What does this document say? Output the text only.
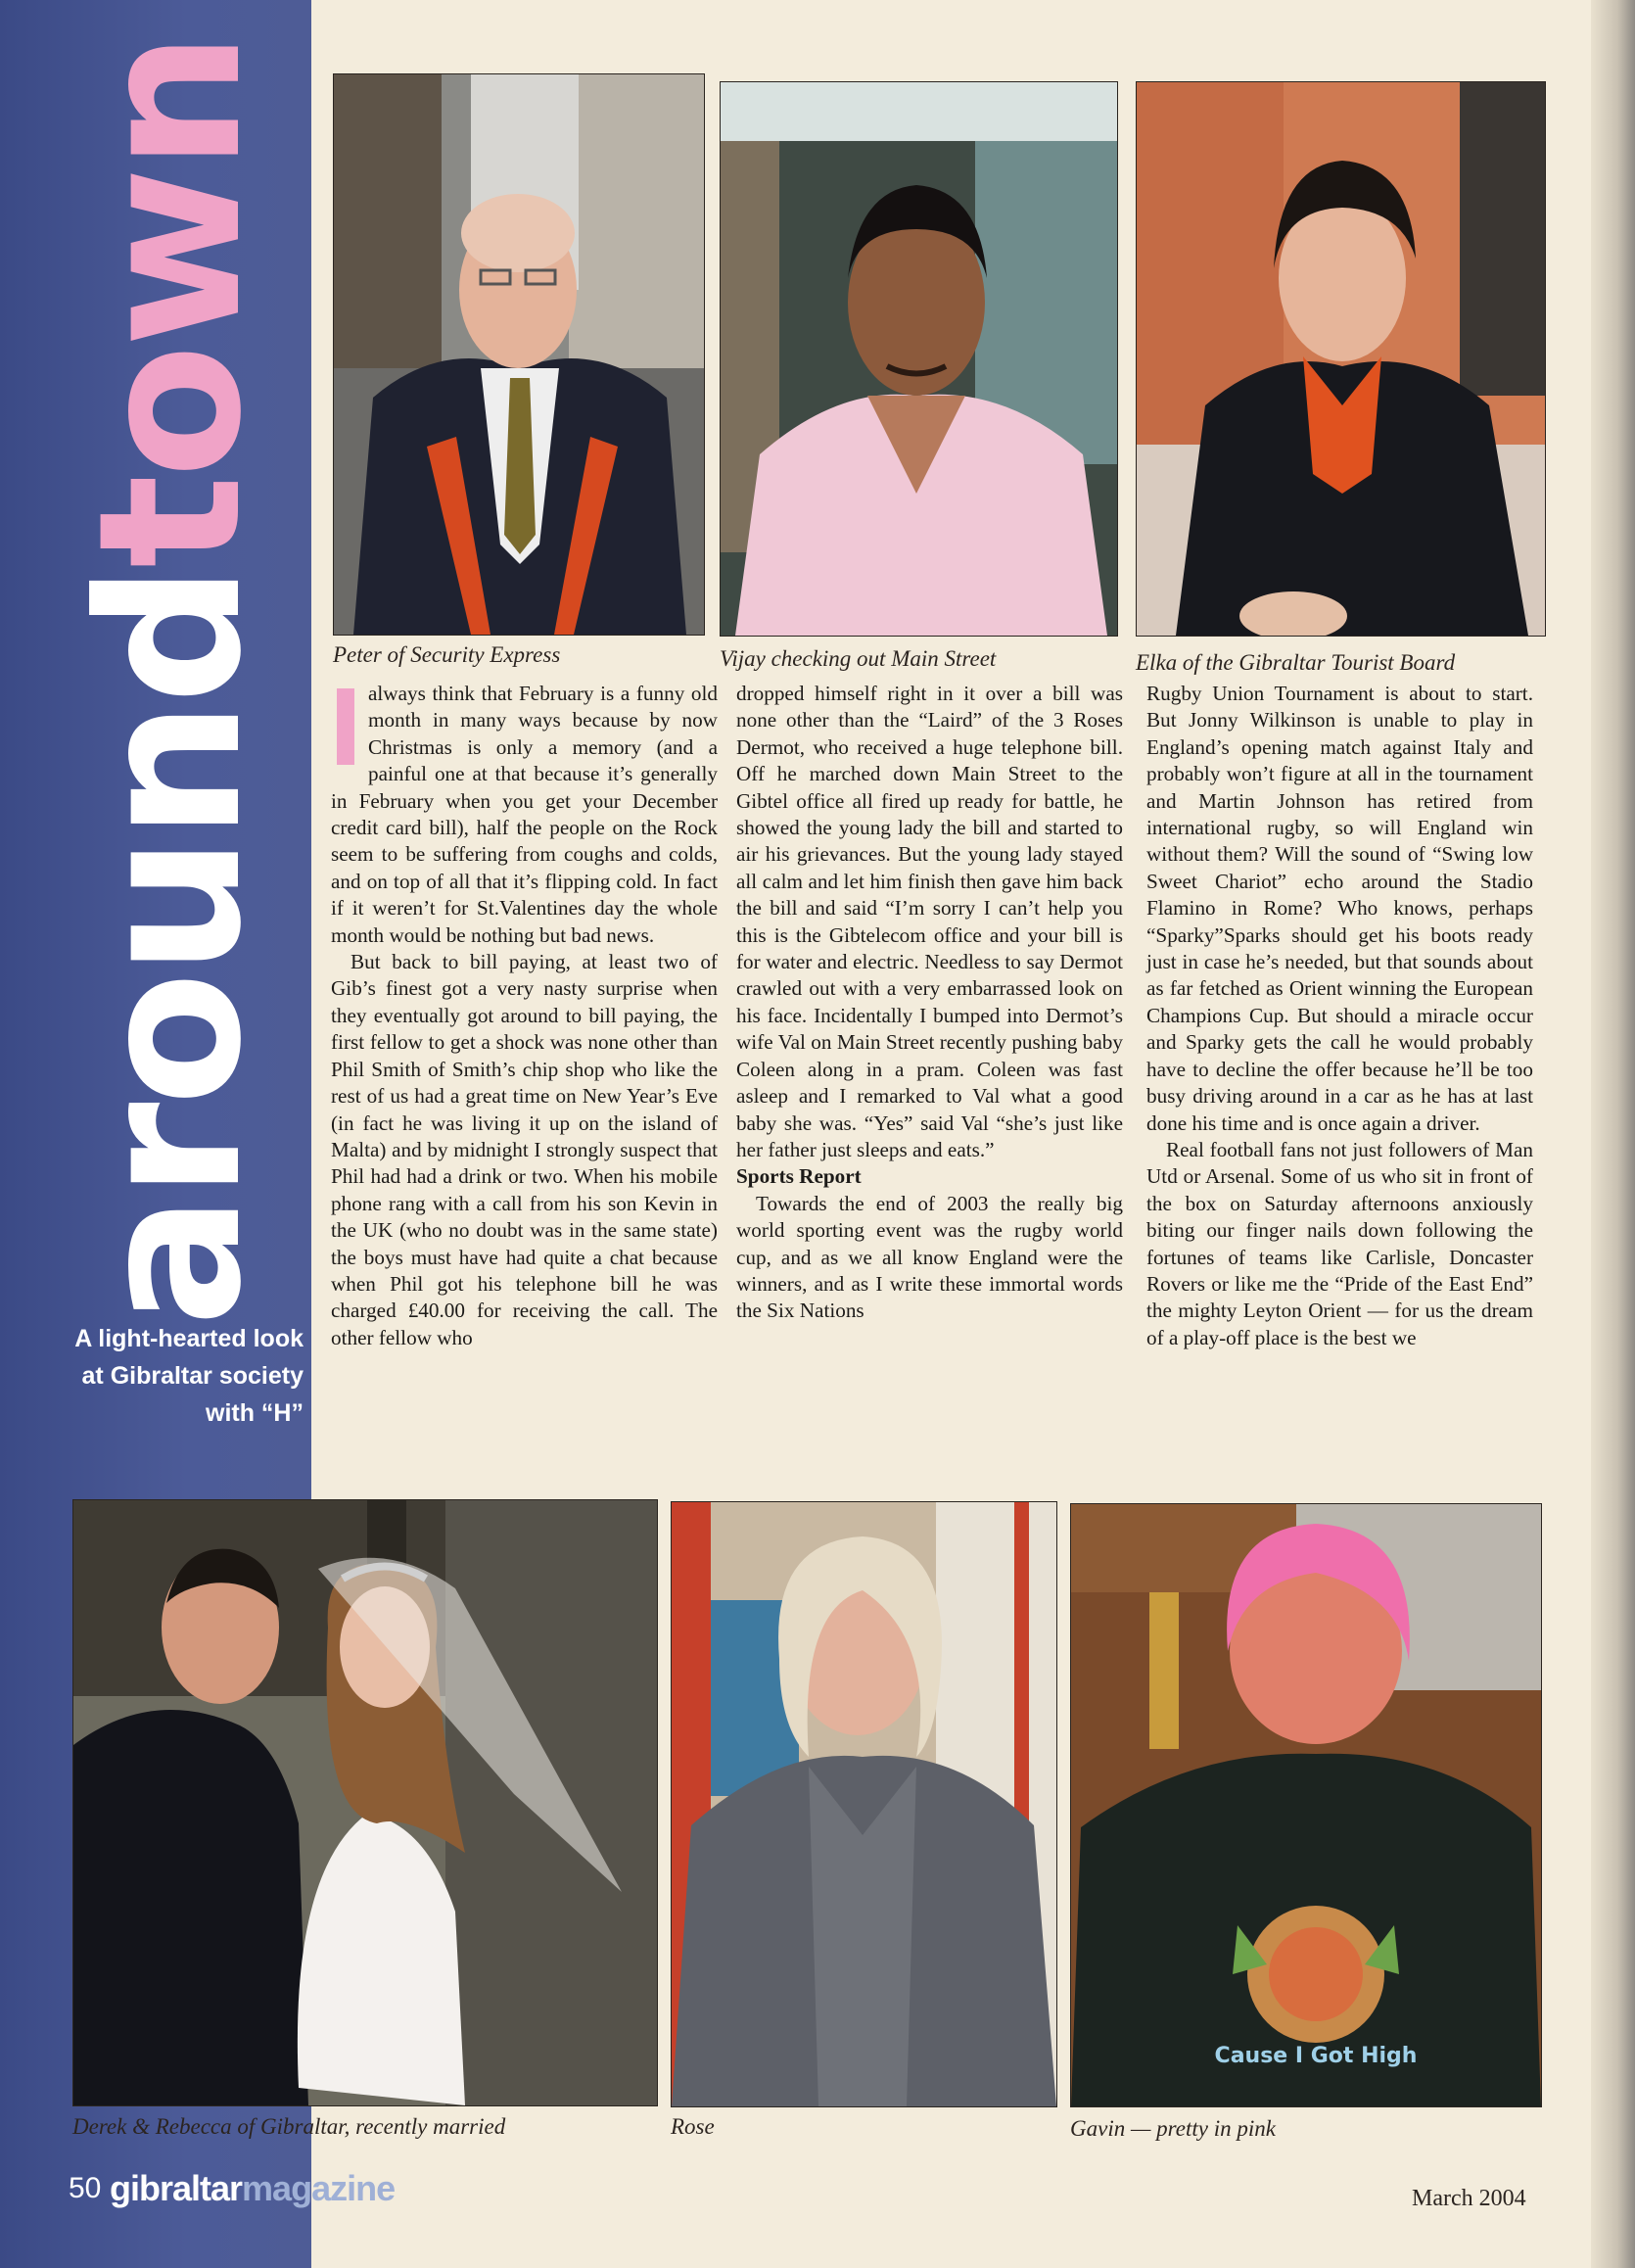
aroundtown
A light-hearted look at Gibraltar society with “H”
Peter of Security Express	Vijay checking out Main Street	Elka of the Gibraltar Tourist Board

always think that February is a funny old month in many ways because by now Christmas is only a memory (and a painful one at that because it’s generally in February when you get your December credit card bill), half the people on the Rock seem to be suffering from coughs and colds, and on top of all that it’s flipping cold. In fact if it weren’t for St.Valentines day the whole month would be nothing but bad news.

But back to bill paying, at least two of Gib’s finest got a very nasty surprise when they eventually got around to bill paying, the first fellow to get a shock was none other than Phil Smith of Smith’s chip shop who like the rest of us had a great time on New Year’s Eve (in fact he was living it up on the island of Malta) and by midnight I strongly suspect that Phil had had a drink or two. When his mobile phone rang with a call from his son Kevin in the UK (who no doubt was in the same state) the boys must have had quite a chat because when Phil got his telephone bill he was charged £40.00 for receiving the call. The other fellow who

dropped himself right in it over a bill was none other than the “Laird” of the 3 Roses Dermot, who received a huge telephone bill. Off he marched down Main Street to the Gibtel office all fired up ready for battle, he showed the young lady the bill and started to air his grievances. But the young lady stayed all calm and let him finish then gave him back the bill and said “I’m sorry I can’t help you this is the Gibtelecom office and your bill is for water and electric. Needless to say Dermot crawled out with a very embarrassed look on his face. Incidentally I bumped into Dermot’s wife Val on Main Street recently pushing baby Coleen along in a pram. Coleen was fast asleep and I remarked to Val what a good baby she was. “Yes” said Val “she’s just like her father just sleeps and eats.”

Sports Report

Towards the end of 2003 the really big world sporting event was the rugby world cup, and as we all know England were the winners, and as I write these immortal words the Six Nations

Rugby Union Tournament is about to start. But Jonny Wilkinson is unable to play in England’s opening match against Italy and probably won’t figure at all in the tournament and Martin Johnson has retired from international rugby, so will England win without them? Will the sound of “Swing low Sweet Chariot” echo around the Stadio Flamino in Rome? Who knows, perhaps “Sparky”Sparks should get his boots ready just in case he’s needed, but that sounds about as far fetched as Orient winning the European Champions Cup. But should a miracle occur and Sparky gets the call he would probably have to decline the offer because he’ll be too busy driving around in a car as he has at last done his time and is once again a driver.

Real football fans not just followers of Man Utd or Arsenal. Some of us who sit in front of the box on Saturday afternoons anxiously biting our finger nails down following the fortunes of teams like Carlisle, Doncaster Rovers or like me the “Pride of the East End” the mighty Leyton Orient — for us the dream of a play-off place is the best we

Cause I Got High
Derek & Rebecca of Gibraltar, recently married	Rose	Gavin — pretty in pink
50 gibraltarmagazine	March 2004
